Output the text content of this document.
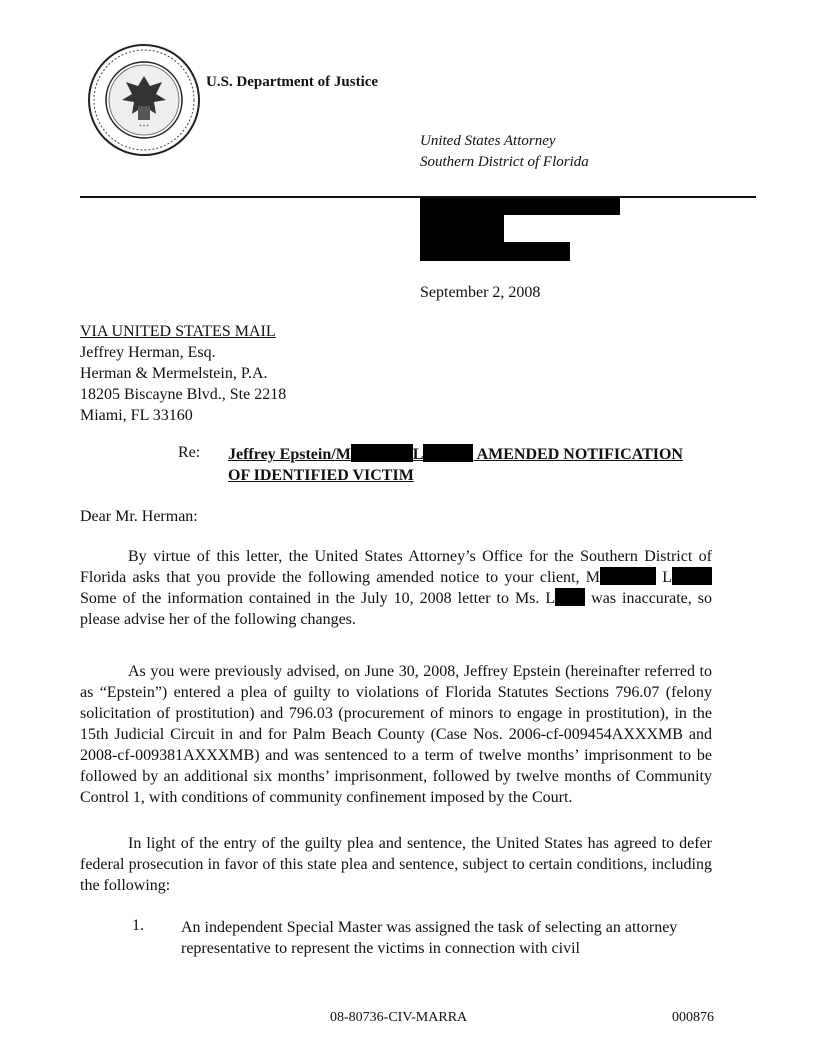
* * *
U.S. Department of Justice
United States Attorney
Southern District of Florida
September 2, 2008
VIA UNITED STATES MAIL
Jeffrey Herman, Esq.
Herman & Mermelstein, P.A.
18205 Biscayne Blvd., Ste 2218
Miami, FL 33160
Re: Jeffrey Epstein/M	L	AMENDED NOTIFICATION
OF IDENTIFIED VICTIM
Dear Mr. Herman:
By virtue of this letter, the United States Attorney’s Office for the Southern District of Florida asks that you provide the following amended notice to your client, M	L Some of the information contained in the July 10, 2008 letter to Ms. L was inaccurate, so please advise her of the following changes.
As you were previously advised, on June 30, 2008, Jeffrey Epstein (hereinafter referred to as “Epstein”) entered a plea of guilty to violations of Florida Statutes Sections 796.07 (felony solicitation of prostitution) and 796.03 (procurement of minors to engage in prostitution), in the 15th Judicial Circuit in and for Palm Beach County (Case Nos. 2006-cf-009454AXXXMB and 2008-cf-009381AXXXMB) and was sentenced to a term of twelve months’ imprisonment to be followed by an additional six months’ imprisonment, followed by twelve months of Community Control 1, with conditions of community confinement imposed by the Court.
In light of the entry of the guilty plea and sentence, the United States has agreed to defer federal prosecution in favor of this state plea and sentence, subject to certain conditions, including the following:
1. An independent Special Master was assigned the task of selecting an attorney representative to represent the victims in connection with civil
08-80736-CIV-MARRA	000876
